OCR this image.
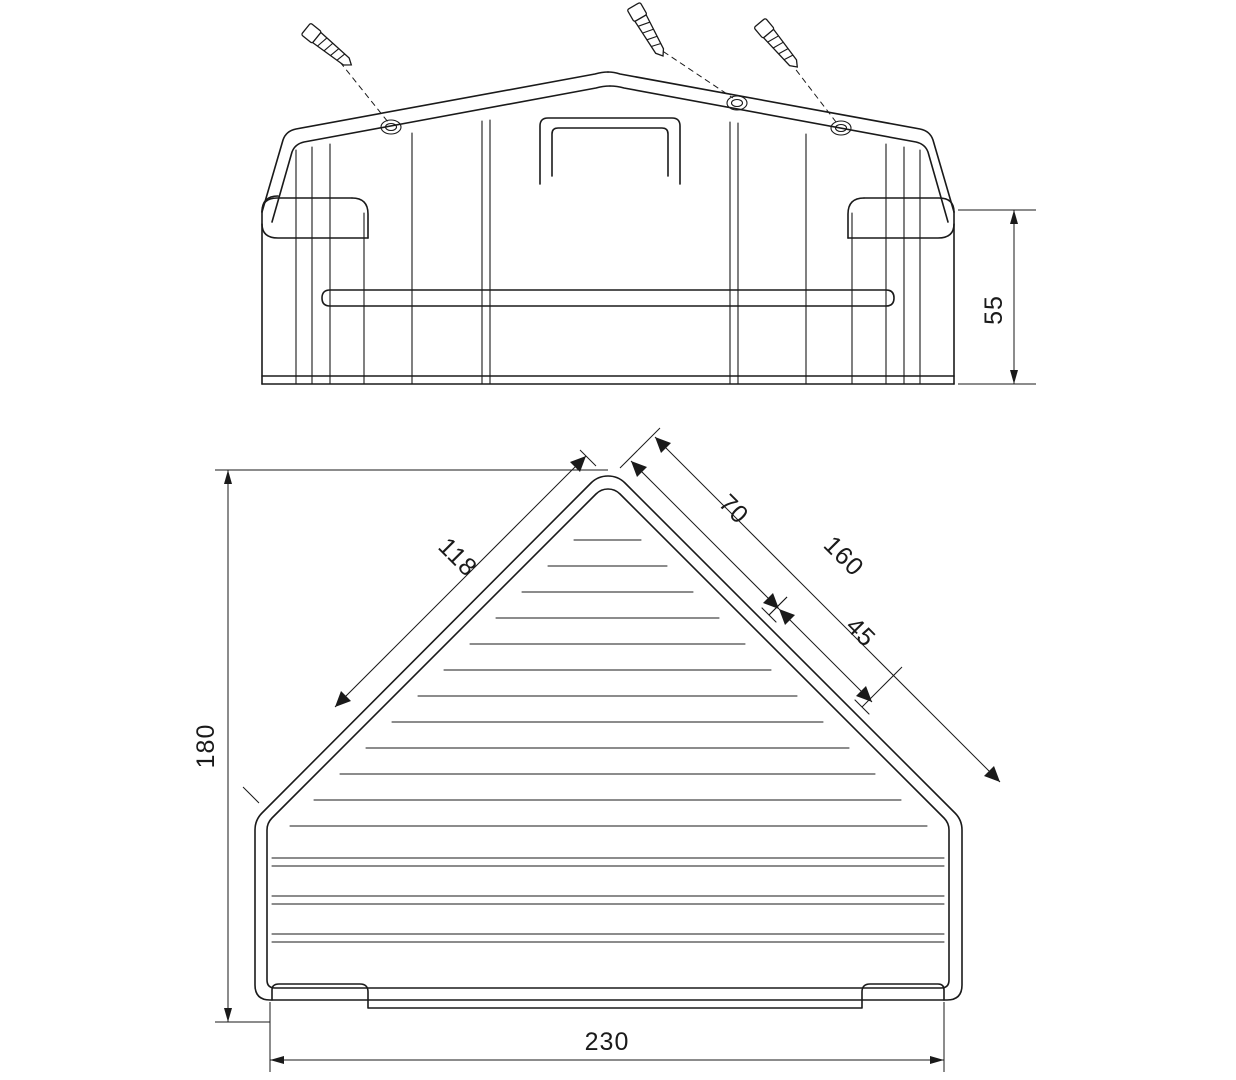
55
118
70
45
160
180
230
